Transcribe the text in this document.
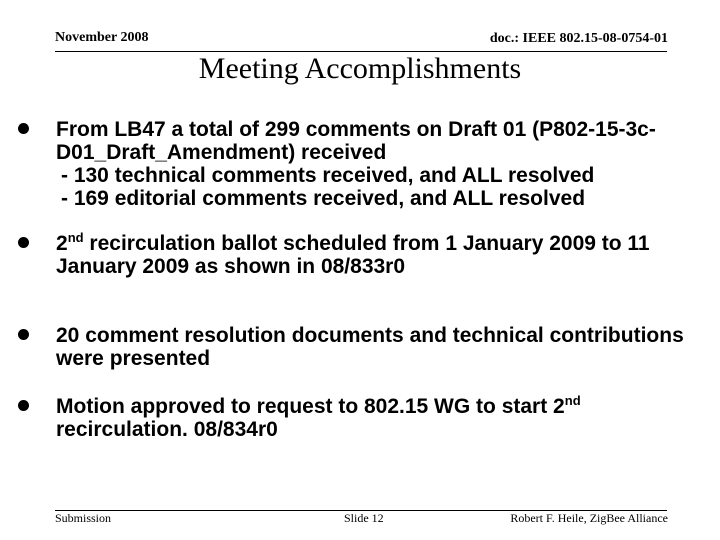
November 2008	doc.: IEEE 802.15-08-0754-01
Meeting Accomplishments
From LB47 a total of 299 comments on Draft 01 (P802-15-3c-D01_Draft_Amendment) received
- 130 technical comments received, and ALL resolved
- 169 editorial comments received, and ALL resolved
2nd recirculation ballot scheduled from 1 January 2009 to 11 January 2009 as shown in 08/833r0
20 comment resolution documents and technical contributions were presented
Motion approved to request to 802.15 WG to start 2nd
recirculation. 08/834r0
Submission	Slide 12	Robert F. Heile, ZigBee Alliance
